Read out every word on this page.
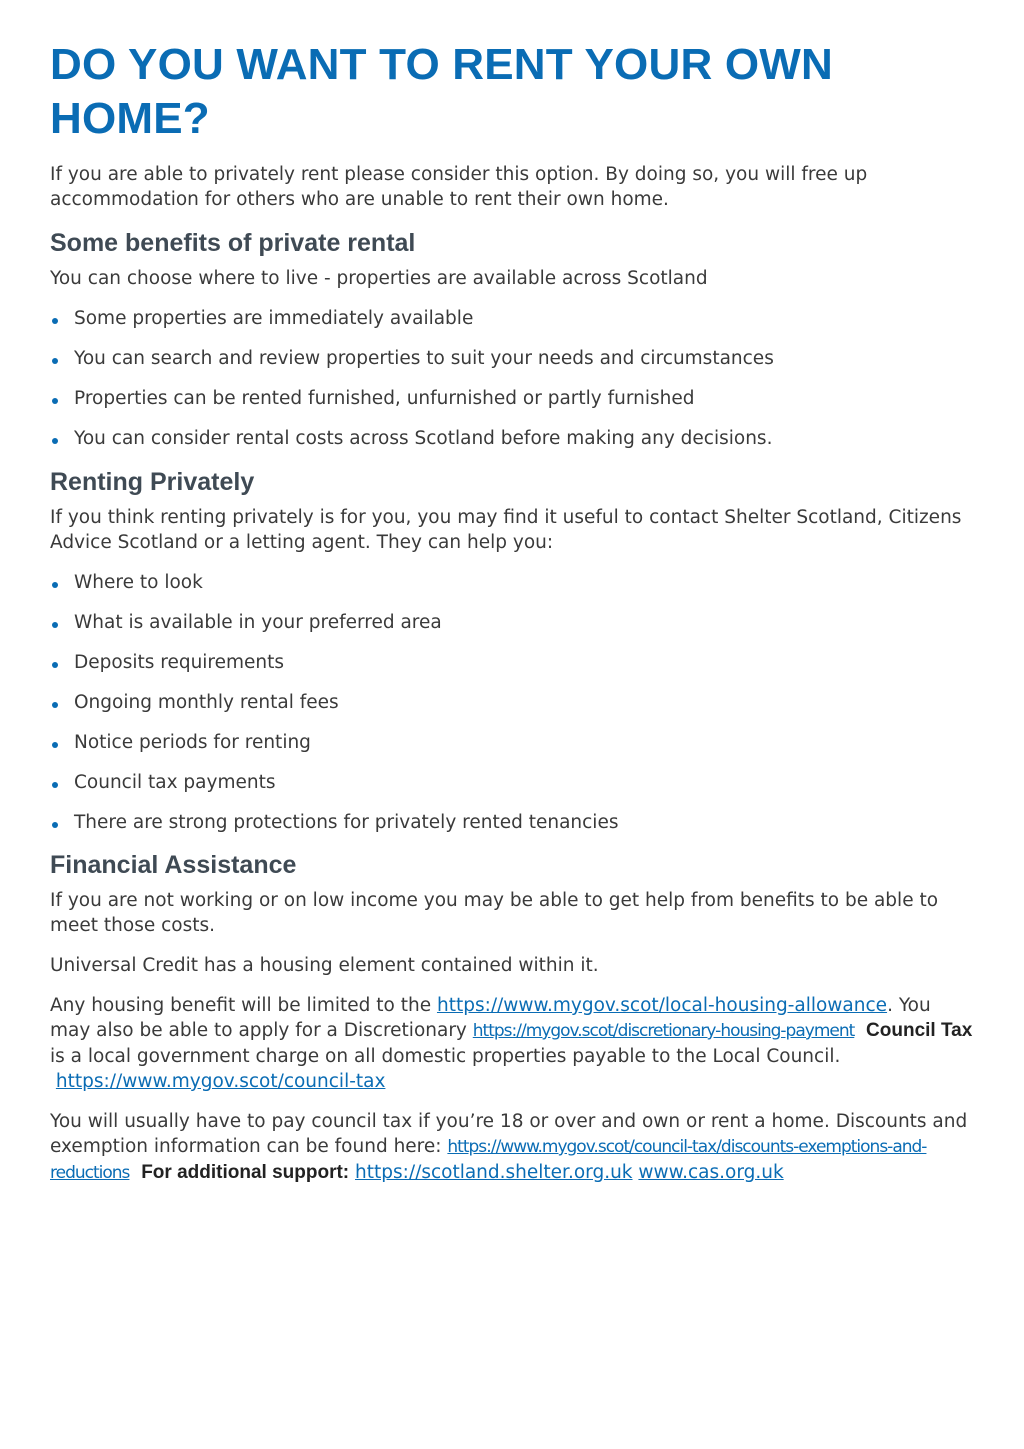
DO YOU WANT TO RENT YOUR OWN HOME?

If you are able to privately rent please consider this option. By doing so, you will free up accommodation for others who are unable to rent their own home.

Some benefits of private rental

You can choose where to live - properties are available across Scotland

Some properties are immediately available
You can search and review properties to suit your needs and circumstances
Properties can be rented furnished, unfurnished or partly furnished
You can consider rental costs across Scotland before making any decisions.
Renting Privately

If you think renting privately is for you, you may find it useful to contact Shelter Scotland, Citizens Advice Scotland or a letting agent. They can help you:

Where to look
What is available in your preferred area
Deposits requirements
Ongoing monthly rental fees
Notice periods for renting
Council tax payments
There are strong protections for privately rented tenancies
Financial Assistance

If you are not working or on low income you may be able to get help from benefits to be able to meet those costs.

Universal Credit has a housing element contained within it.

Any housing benefit will be limited to the https://www.mygov.scot/local-housing-allowance. You may also be able to apply for a Discretionary https://mygov.scot/discretionary-housing-payment Council Tax is a local government charge on all domestic properties payable to the Local Council.  https://www.mygov.scot/council-tax

You will usually have to pay council tax if you’re 18 or over and own or rent a home. Discounts and exemption information can be found here: https://www.mygov.scot/council-tax/discounts-exemptions-and-reductions For additional support: https://scotland.shelter.org.uk www.cas.org.uk
